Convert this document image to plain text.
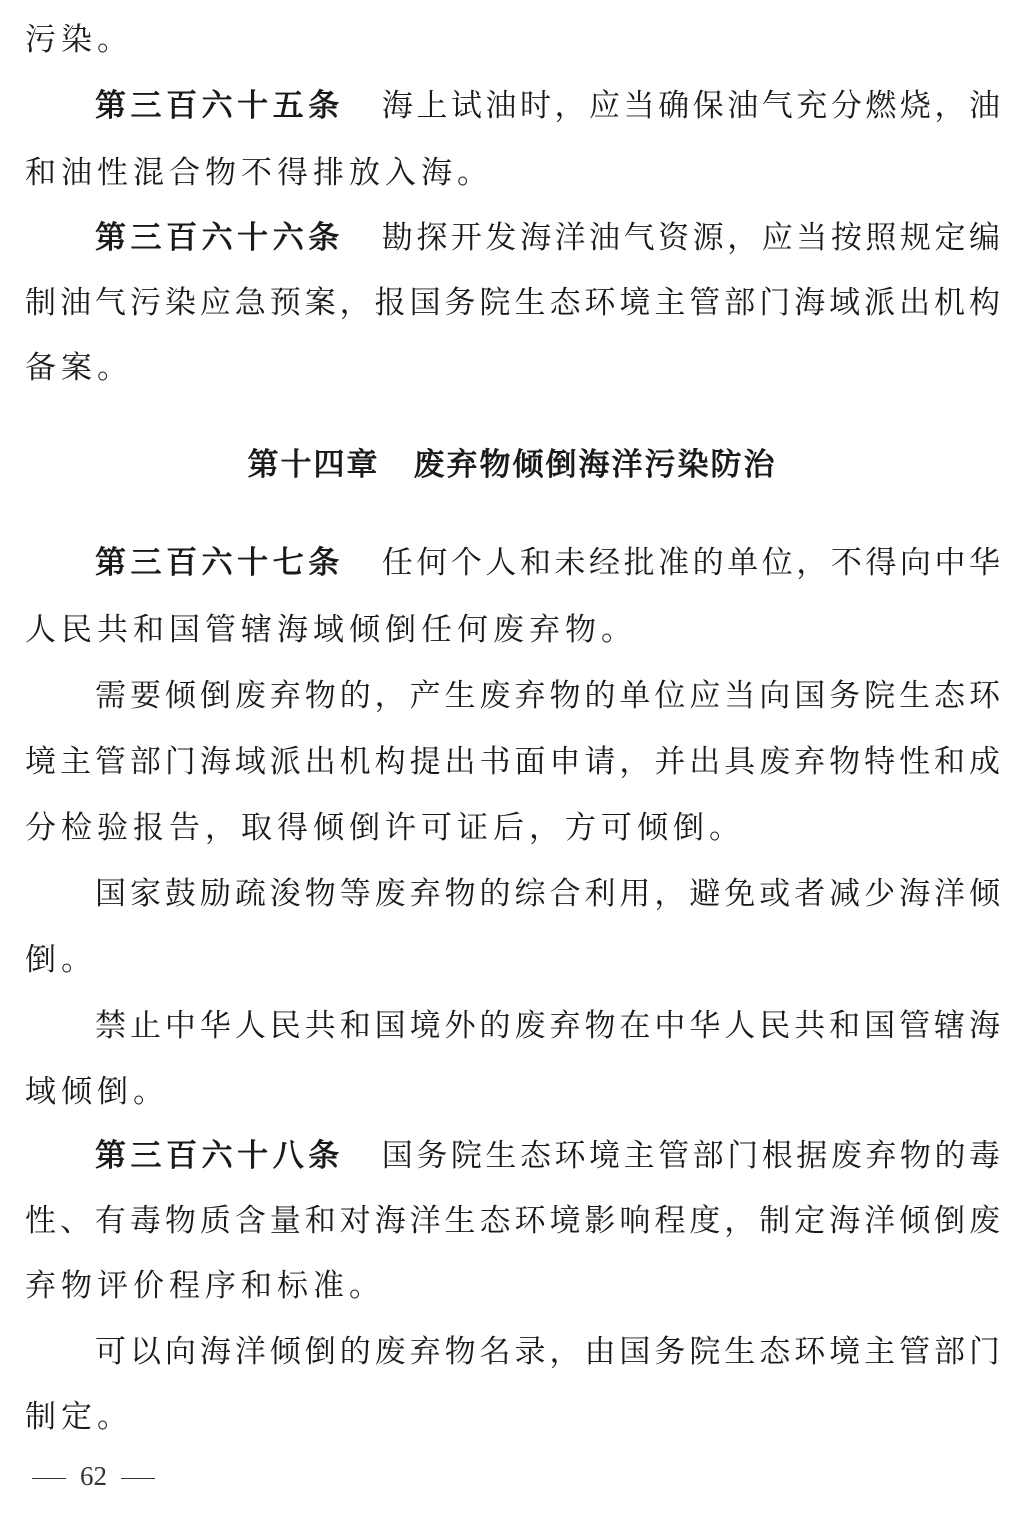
污染。
第三百六十五条 海上试油时，应当确保油气充分燃烧，油
和油性混合物不得排放入海。
第三百六十六条 勘探开发海洋油气资源，应当按照规定编
制油气污染应急预案，报国务院生态环境主管部门海域派出机构
备案。
第十四章 废弃物倾倒海洋污染防治
第三百六十七条 任何个人和未经批准的单位，不得向中华
人民共和国管辖海域倾倒任何废弃物。
需要倾倒废弃物的，产生废弃物的单位应当向国务院生态环
境主管部门海域派出机构提出书面申请，并出具废弃物特性和成
分检验报告，取得倾倒许可证后，方可倾倒。
国家鼓励疏浚物等废弃物的综合利用，避免或者减少海洋倾
倒。
禁止中华人民共和国境外的废弃物在中华人民共和国管辖海
域倾倒。
第三百六十八条 国务院生态环境主管部门根据废弃物的毒
性、有毒物质含量和对海洋生态环境影响程度，制定海洋倾倒废
弃物评价程序和标准。
可以向海洋倾倒的废弃物名录，由国务院生态环境主管部门
制定。
62
